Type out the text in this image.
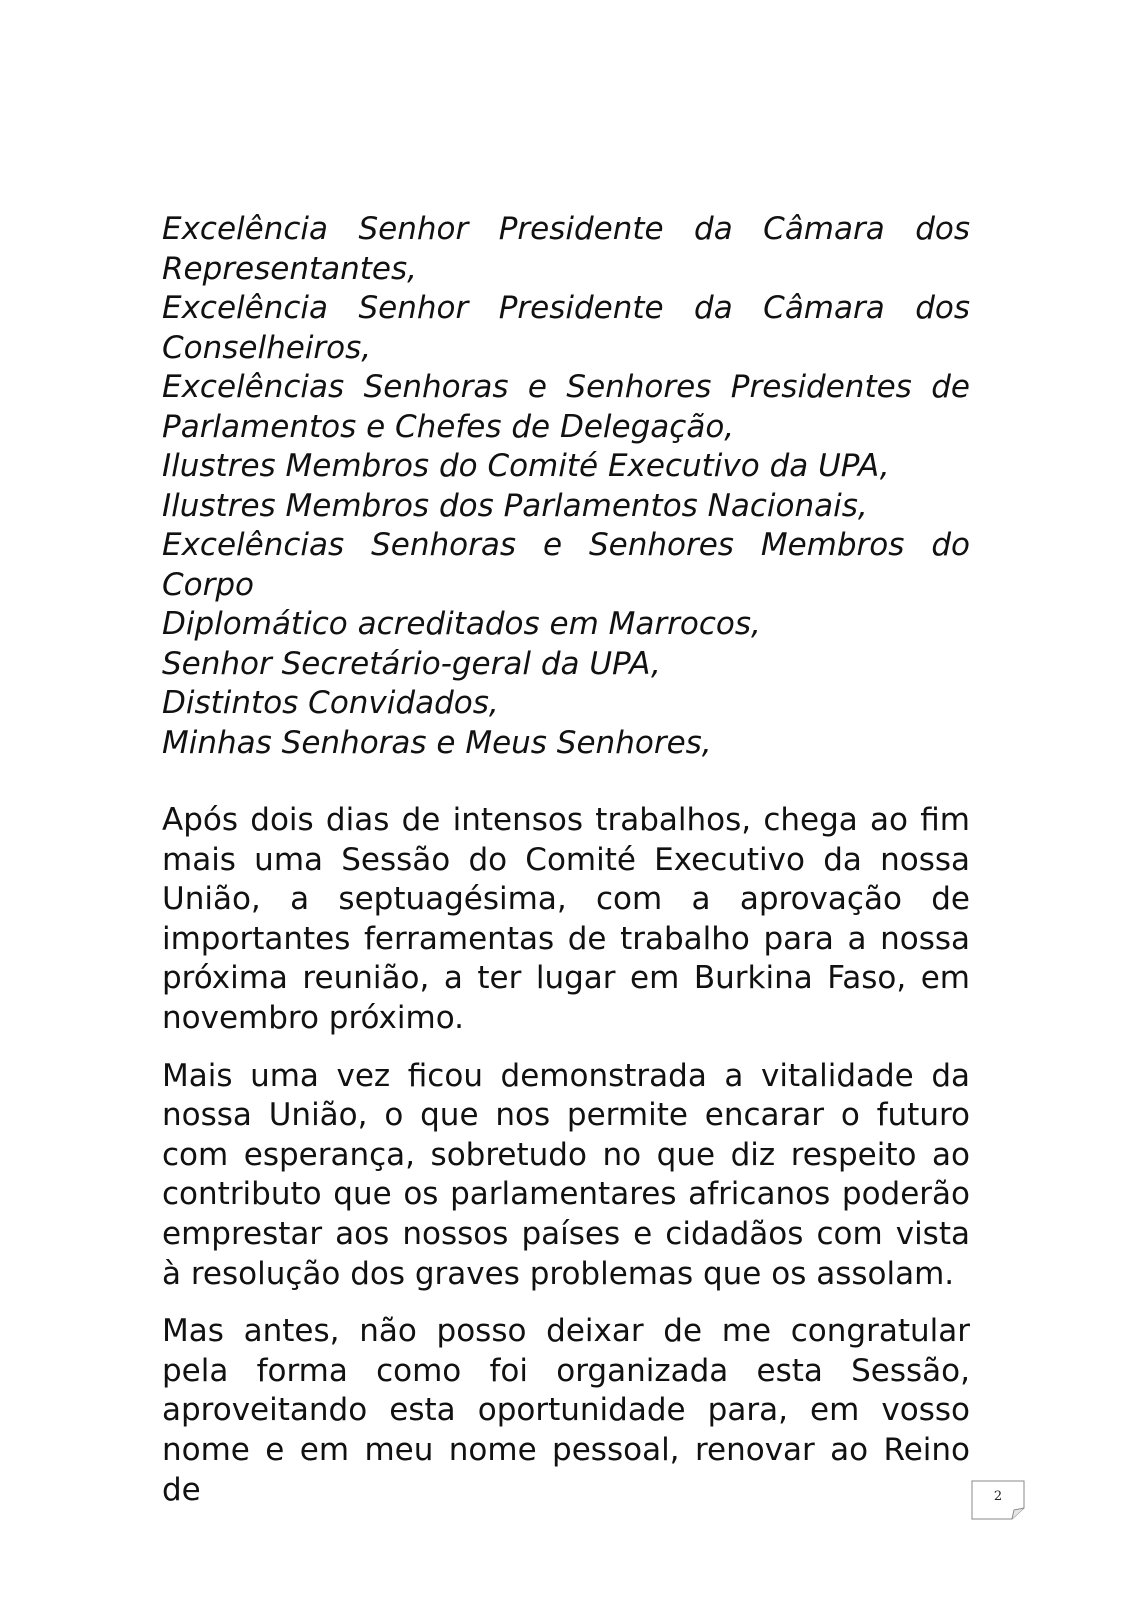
Excelência Senhor Presidente da Câmara dos
Representantes,
Excelência Senhor Presidente da Câmara dos
Conselheiros,
Excelências Senhoras e Senhores Presidentes de
Parlamentos e Chefes de Delegação,
Ilustres Membros do Comité Executivo da UPA,
Ilustres Membros dos Parlamentos Nacionais,
Excelências Senhoras e Senhores Membros do Corpo
Diplomático acreditados em Marrocos,
Senhor Secretário-geral da UPA,
Distintos Convidados,
Minhas Senhoras e Meus Senhores,

Após dois dias de intensos trabalhos, chega ao fim mais uma Sessão do Comité Executivo da nossa União, a septuagésima, com a aprovação de importantes ferramentas de trabalho para a nossa próxima reunião, a ter lugar em Burkina Faso, em novembro próximo.

Mais uma vez ficou demonstrada a vitalidade da nossa União, o que nos permite encarar o futuro com esperança, sobretudo no que diz respeito ao contributo que os parlamentares africanos poderão emprestar aos nossos países e cidadãos com vista à resolução dos graves problemas que os assolam.

Mas antes, não posso deixar de me congratular pela forma como foi organizada esta Sessão, aproveitando esta oportunidade para, em vosso nome e em meu nome pessoal, renovar ao Reino de	2
